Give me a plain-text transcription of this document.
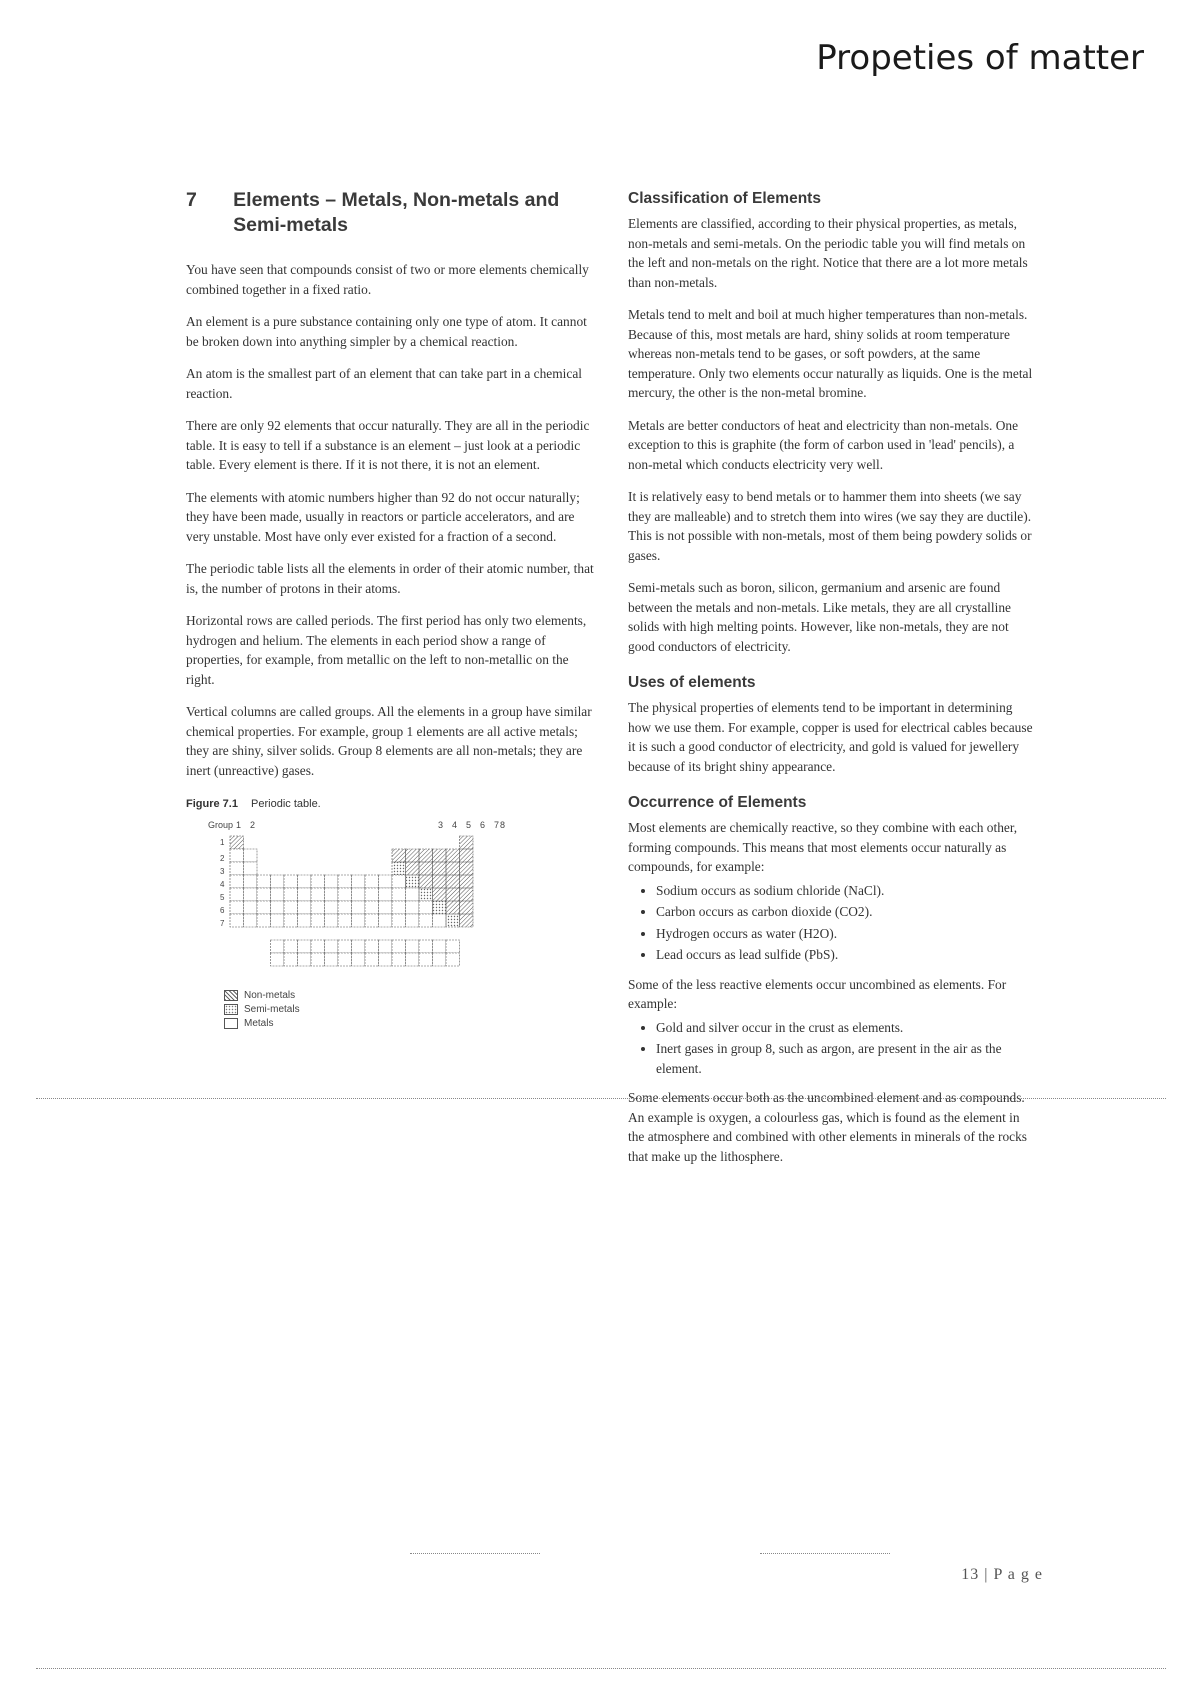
Propeties of matter
7	Elements – Metals, Non-metals and Semi-metals

You have seen that compounds consist of two or more elements chemically combined together in a fixed ratio.

An element is a pure substance containing only one type of atom. It cannot be broken down into anything simpler by a chemical reaction.

An atom is the smallest part of an element that can take part in a chemical reaction.

There are only 92 elements that occur naturally. They are all in the periodic table. It is easy to tell if a substance is an element – just look at a periodic table. Every element is there. If it is not there, it is not an element.

The elements with atomic numbers higher than 92 do not occur naturally; they have been made, usually in reactors or particle accelerators, and are very unstable. Most have only ever existed for a fraction of a second.

The periodic table lists all the elements in order of their atomic number, that is, the number of protons in their atoms.

Horizontal rows are called periods. The first period has only two elements, hydrogen and helium. The elements in each period show a range of properties, for example, from metallic on the left to non-metallic on the right.

Vertical columns are called groups. All the elements in a group have similar chemical properties. For example, group 1 elements are all active metals; they are shiny, silver solids. Group 8 elements are all non-metals; they are inert (unreactive) gases.

Figure 7.1 Periodic table.
Group 1 2	3 4 5 6 7 8
1
2
3
4
5
6
7
Non-metals
Semi-metals
Metals
Classification of Elements

Elements are classified, according to their physical properties, as metals, non-metals and semi-metals. On the periodic table you will find metals on the left and non-metals on the right. Notice that there are a lot more metals than non-metals.

Metals tend to melt and boil at much higher temperatures than non-metals. Because of this, most metals are hard, shiny solids at room temperature whereas non-metals tend to be gases, or soft powders, at the same temperature. Only two elements occur naturally as liquids. One is the metal mercury, the other is the non-metal bromine.

Metals are better conductors of heat and electricity than non-metals. One exception to this is graphite (the form of carbon used in 'lead' pencils), a non-metal which conducts electricity very well.

It is relatively easy to bend metals or to hammer them into sheets (we say they are malleable) and to stretch them into wires (we say they are ductile). This is not possible with non-metals, most of them being powdery solids or gases.

Semi-metals such as boron, silicon, germanium and arsenic are found between the metals and non-metals. Like metals, they are all crystalline solids with high melting points. However, like non-metals, they are not good conductors of electricity.

Uses of elements

The physical properties of elements tend to be important in determining how we use them. For example, copper is used for electrical cables because it is such a good conductor of electricity, and gold is valued for jewellery because of its bright shiny appearance.

Occurrence of Elements

Most elements are chemically reactive, so they combine with each other, forming compounds. This means that most elements occur naturally as compounds, for example:

• Sodium occurs as sodium chloride (NaCl).
• Carbon occurs as carbon dioxide (CO2).
• Hydrogen occurs as water (H2O).
• Lead occurs as lead sulfide (PbS).

Some of the less reactive elements occur uncombined as elements. For example:

• Gold and silver occur in the crust as elements.
• Inert gases in group 8, such as argon, are present in the air as the element.

Some elements occur both as the uncombined element and as compounds. An example is oxygen, a colourless gas, which is found as the element in the atmosphere and combined with other elements in minerals of the rocks that make up the lithosphere.

13 | P a g e
